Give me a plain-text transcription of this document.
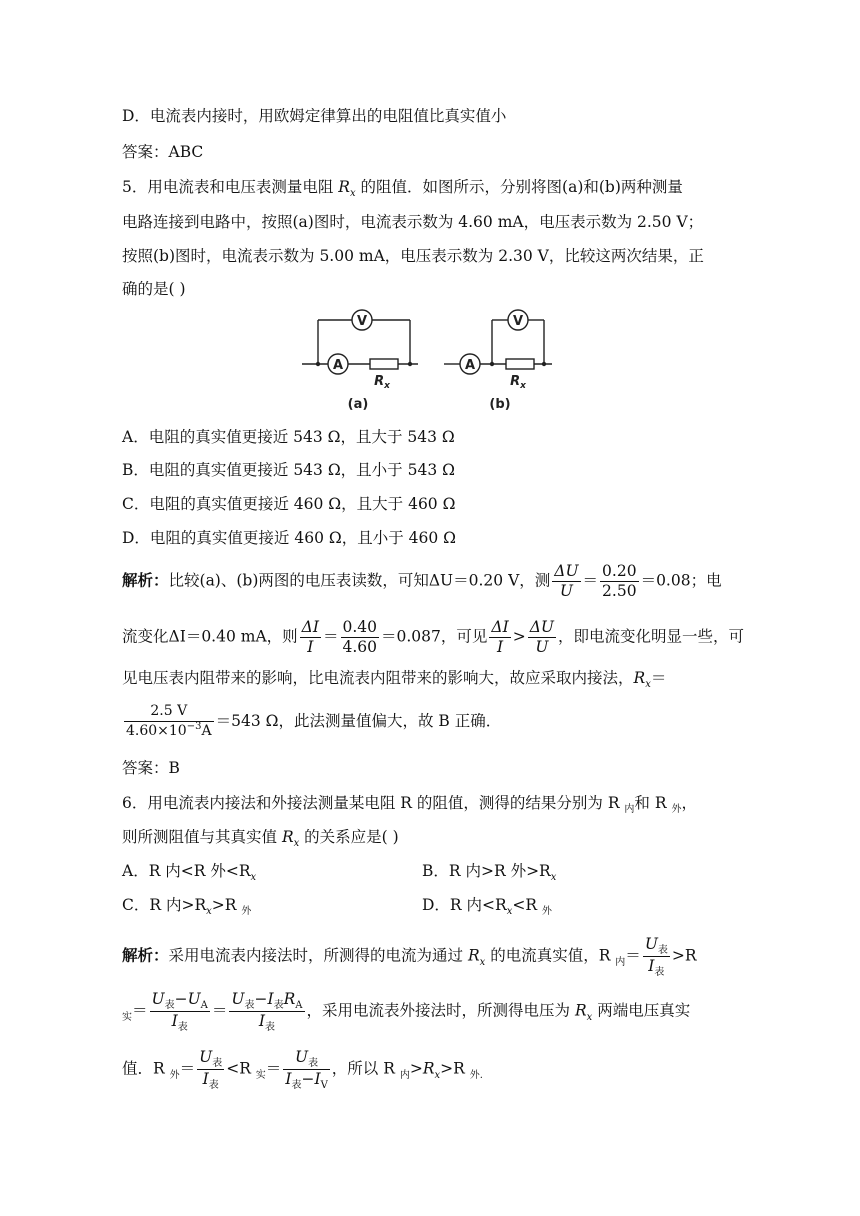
D．电流表内接时，用欧姆定律算出的电阻值比真实值小
答案：ABC
5．用电流表和电压表测量电阻 $R_x$ 的阻值．如图所示，分别将图(a)和(b)两种测量
电路连接到电路中，按照(a)图时，电流表示数为 4.60 mA，电压表示数为 2.50 V；
按照(b)图时，电流表示数为 5.00 mA，电压表示数为 2.30 V，比较这两次结果，正
确的是( )
V
A
$R_x$
(a)
V
A
$R_x$
(b)
A．电阻的真实值更接近 543 Ω，且大于 543 Ω
B．电阻的真实值更接近 543 Ω，且小于 543 Ω
C．电阻的真实值更接近 460 Ω，且大于 460 Ω
D．电阻的真实值更接近 460 Ω，且小于 460 Ω
解析：比较(a)、(b)两图的电压表读数，可知ΔU＝0.20 V，测 $\frac{\Delta U}{U} = \frac{0.20}{2.50} =0.08$；电
流变化ΔI＝0.40 mA，则 $\frac{\Delta I}{I} = \frac{0.40}{4.60} =0.087$，可见 $\frac{\Delta I}{I} > \frac{\Delta U}{U}$ ，即电流变化明显一些，可
见电压表内阻带来的影响，比电流表内阻带来的影响大，故应采取内接法，$R_x=$
$\frac{2.5 V}{4.60\times 10^{-3}A} =543$ Ω，此法测量值偏大，故 B 正确．
答案：B
6．用电流表内接法和外接法测量某电阻 R 的阻值，测得的结果分别为 R $_内$和 R $_外$，
则所测阻值与其真实值 $R_x$ 的关系应是( )
A．R 内<R 外$<R_x$	B．R 内>R 外$>R_x$
C．R 内$>R_x>R$ $_外$	D．R 内$<R_x<R$ $_外$
解析：采用电流表内接法时，所测得的电流为通过 $R_x$ 的电流真实值，R $_内= \frac{U_表}{I_表} >R$
$_实= \frac{U_表-U_A}{I_表} = \frac{U_表-I_表R_A}{I_表}$ ，采用电流表外接法时，所测得电压为 $R_x$ 两端电压真实
值．R $_外= \frac{U_表}{I_表} <R$ $_实= \frac{U_表}{I_表-I_V}$ ，所以 R $_内>R_x>R$ $_{外.}$
